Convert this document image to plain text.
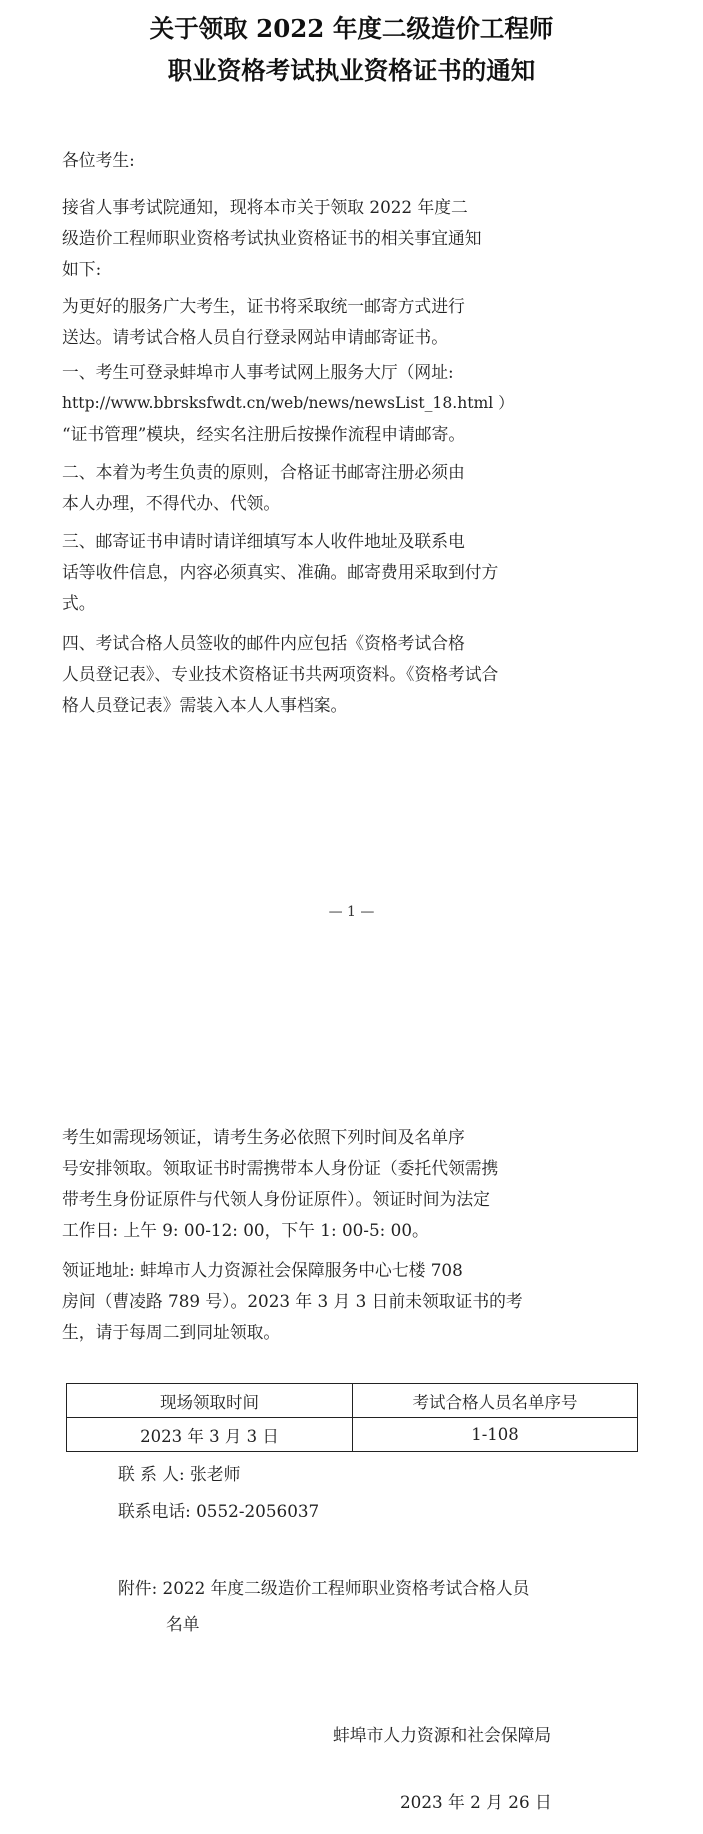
关于领取 2022 年度二级造价工程师
职业资格考试执业资格证书的通知
各位考生:
接省人事考试院通知，现将本市关于领取 2022 年度二
级造价工程师职业资格考试执业资格证书的相关事宜通知
如下:
为更好的服务广大考生，证书将采取统一邮寄方式进行
送达。请考试合格人员自行登录网站申请邮寄证书。
一、考生可登录蚌埠市人事考试网上服务大厅（网址:
http://www.bbrsksfwdt.cn/web/news/newsList_18.html ）
“证书管理”模块，经实名注册后按操作流程申请邮寄。
二、本着为考生负责的原则，合格证书邮寄注册必须由
本人办理，不得代办、代领。
三、邮寄证书申请时请详细填写本人收件地址及联系电
话等收件信息，内容必须真实、准确。邮寄费用采取到付方
式。
四、考试合格人员签收的邮件内应包括《资格考试合格
人员登记表》、专业技术资格证书共两项资料。《资格考试合
格人员登记表》需装入本人人事档案。
— 1 —
考生如需现场领证，请考生务必依照下列时间及名单序
号安排领取。领取证书时需携带本人身份证（委托代领需携
带考生身份证原件与代领人身份证原件）。领证时间为法定
工作日: 上午 9: 00-12: 00，下午 1: 00-5: 00。
领证地址: 蚌埠市人力资源社会保障服务中心七楼 708
房间（曹凌路 789 号）。2023 年 3 月 3 日前未领取证书的考
生，请于每周二到同址领取。
现场领取时间	考试合格人员名单序号
2023 年 3 月 3 日	1-108
联 系 人: 张老师
联系电话: 0552-2056037
附件: 2022 年度二级造价工程师职业资格考试合格人员
名单
蚌埠市人力资源和社会保障局
2023 年 2 月 26 日
